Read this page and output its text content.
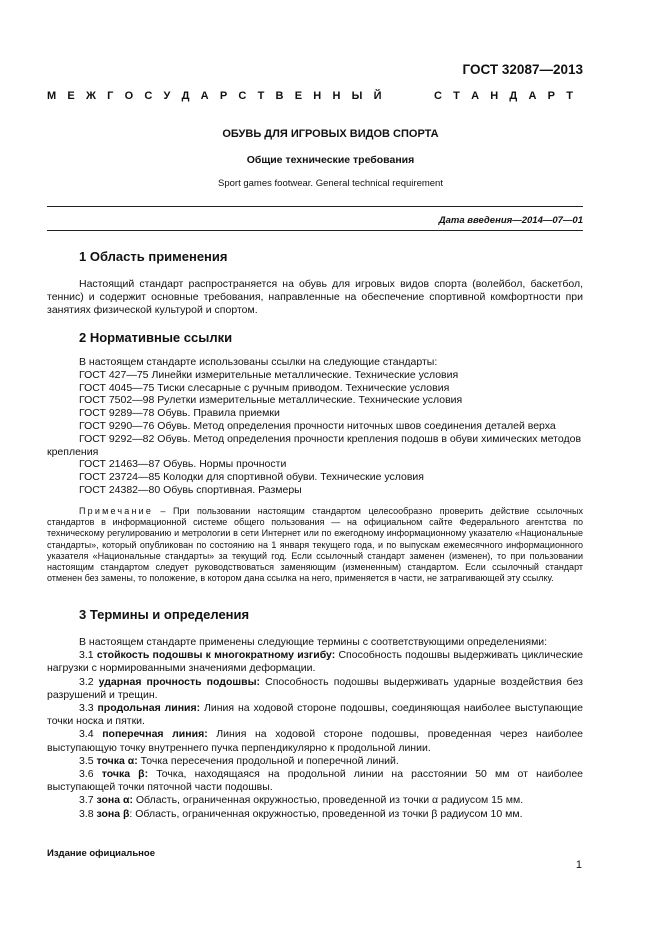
ГОСТ 32087—2013
М Е Ж Г О С У Д А Р С Т В Е Н Н Ы Й	С Т А Н Д А Р Т
ОБУВЬ ДЛЯ ИГРОВЫХ ВИДОВ СПОРТА
Общие технические требования
Sport games footwear. General technical requirement
Дата введения—2014—07—01
1 Область применения

Настоящий стандарт распространяется на обувь для игровых видов спорта (волейбол, баскетбол, теннис) и содержит основные требования, направленные на обеспечение спортивной комфортности при занятиях физической культурой и спортом.

2 Нормативные ссылки
В настоящем стандарте использованы ссылки на следующие стандарты:
ГОСТ 427—75 Линейки измерительные металлические. Технические условия
ГОСТ 4045—75 Тиски слесарные с ручным приводом. Технические условия
ГОСТ 7502—98 Рулетки измерительные металлические. Технические условия
ГОСТ 9289—78 Обувь. Правила приемки
ГОСТ 9290—76 Обувь. Метод определения прочности ниточных швов соединения деталей верха
ГОСТ 9292—82 Обувь. Метод определения прочности крепления подошв в обуви химических методов крепления
ГОСТ 21463—87 Обувь. Нормы прочности
ГОСТ 23724—85 Колодки для спортивной обуви. Технические условия
ГОСТ 24382—80 Обувь спортивная. Размеры
Примечание – При пользовании настоящим стандартом целесообразно проверить действие ссылочных стандартов в информационной системе общего пользования — на официальном сайте Федерального агентства по техническому регулированию и метрологии в сети Интернет или по ежегодному информационному указателю «Национальные стандарты», который опубликован по состоянию на 1 января текущего года, и по выпускам ежемесячного информационного указателя «Национальные стандарты» за текущий год. Если ссылочный стандарт заменен (изменен), то при пользовании настоящим стандартом следует руководствоваться заменяющим (измененным) стандартом. Если ссылочный стандарт отменен без замены, то положение, в котором дана ссылка на него, применяется в части, не затрагивающей эту ссылку.
3 Термины и определения

В настоящем стандарте применены следующие термины с соответствующими определениями:

3.1 стойкость подошвы к многократному изгибу: Способность подошвы выдерживать циклические нагрузки с нормированными значениями деформации.

3.2 ударная прочность подошвы: Способность подошвы выдерживать ударные воздействия без разрушений и трещин.

3.3 продольная линия: Линия на ходовой стороне подошвы, соединяющая наиболее выступающие точки носка и пятки.

3.4 поперечная линия: Линия на ходовой стороне подошвы, проведенная через наиболее выступающую точку внутреннего пучка перпендикулярно к продольной линии.

3.5 точка α: Точка пересечения продольной и поперечной линий.

3.6 точка β: Точка, находящаяся на продольной линии на расстоянии 50 мм от наиболее выступающей точки пяточной части подошвы.

3.7 зона α: Область, ограниченная окружностью, проведенной из точки α радиусом 15 мм.

3.8 зона β: Область, ограниченная окружностью, проведенной из точки β радиусом 10 мм.

Издание официальное
1
